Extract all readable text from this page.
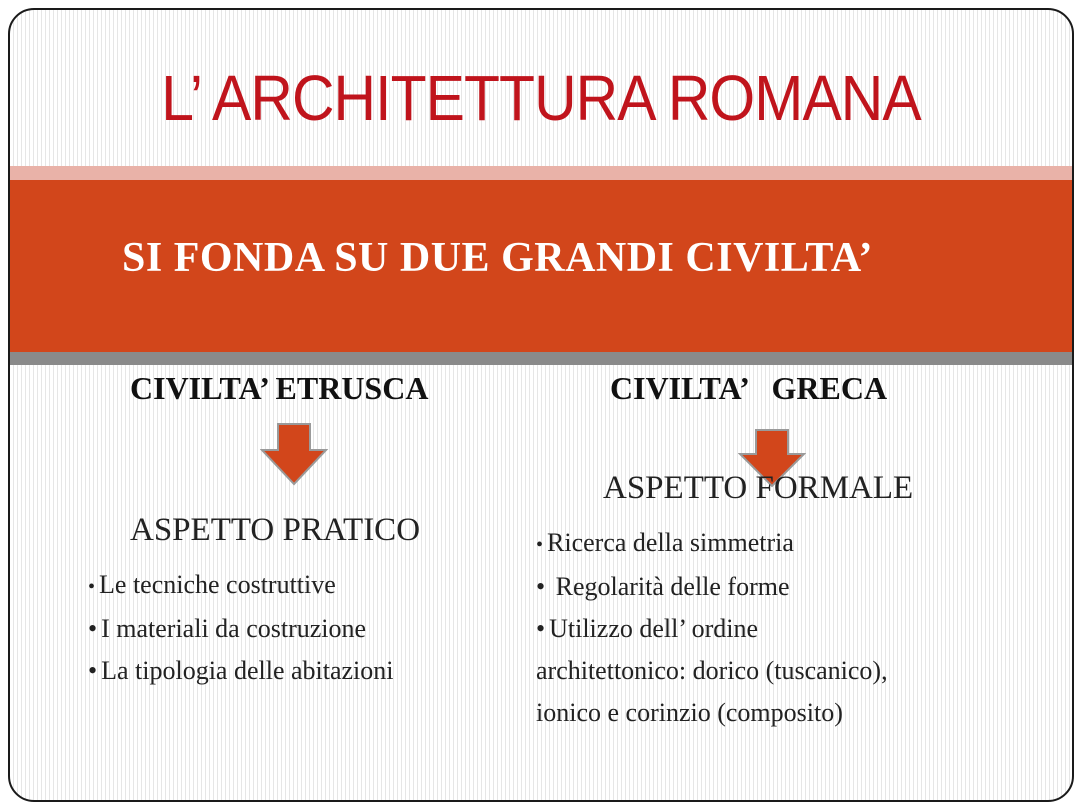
L’ ARCHITETTURA ROMANA
SI FONDA SU DUE GRANDI CIVILTA’
CIVILTA’ ETRUSCA
ASPETTO PRATICO
• Le tecniche costruttive
• I materiali da costruzione
• La tipologia delle abitazioni
CIVILTA’   GRECA
ASPETTO FORMALE
• Ricerca della simmetria
• Regolarità delle forme
• Utilizzo dell’ ordine
architettonico: dorico (tuscanico),
ionico e corinzio (composito)
